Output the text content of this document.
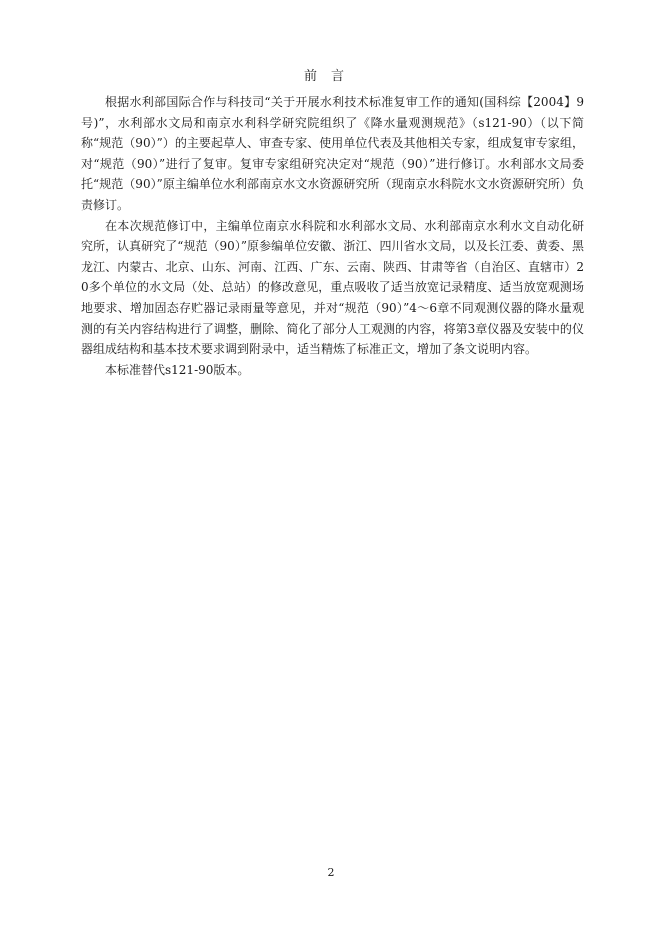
前言

根据水利部国际合作与科技司“关于开展水利技术标准复审工作的通知(国科综【2004】9号)”，水利部水文局和南京水利科学研究院组织了《降水量观测规范》（s121-90）（以下简称“规范（90）”）的主要起草人、审查专家、使用单位代表及其他相关专家，组成复审专家组，对“规范（90）”进行了复审。复审专家组研究决定对“规范（90）”进行修订。水利部水文局委托“规范（90）”原主编单位水利部南京水文水资源研究所（现南京水科院水文水资源研究所）负责修订。

在本次规范修订中，主编单位南京水科院和水利部水文局、水利部南京水利水文自动化研究所，认真研究了“规范（90）”原参编单位安徽、浙江、四川省水文局，以及长江委、黄委、黑龙江、内蒙古、北京、山东、河南、江西、广东、云南、陕西、甘肃等省（自治区、直辖市）20多个单位的水文局（处、总站）的修改意见，重点吸收了适当放宽记录精度、适当放宽观测场地要求、增加固态存贮器记录雨量等意见，并对“规范（90）”4～6章不同观测仪器的降水量观测的有关内容结构进行了调整，删除、简化了部分人工观测的内容，将第3章仪器及安装中的仪器组成结构和基本技术要求调到附录中，适当精炼了标准正文，增加了条文说明内容。

本标准替代s121-90版本。

2
